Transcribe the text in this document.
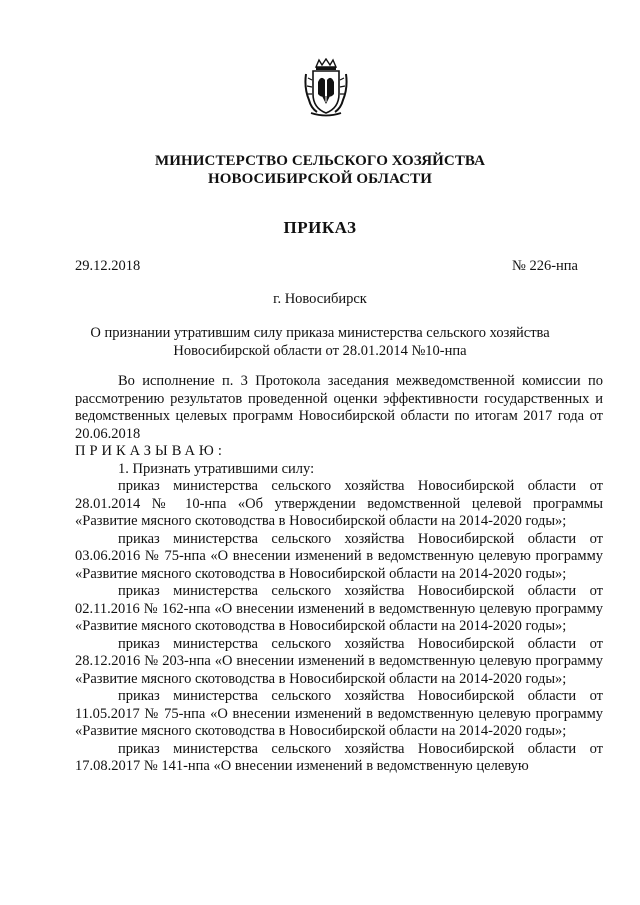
МИНИСТЕРСТВО СЕЛЬСКОГО ХОЗЯЙСТВА
НОВОСИБИРСКОЙ ОБЛАСТИ
ПРИКАЗ
29.12.2018	№ 226-нпа
г. Новосибирск
О признании утратившим силу приказа министерства сельского хозяйства
Новосибирской области от 28.01.2014 №10-нпа

Во исполнение п. 3 Протокола заседания межведомственной комиссии по рассмотрению результатов проведенной оценки эффективности государственных и ведомственных целевых программ Новосибирской области по итогам 2017 года от 20.06.2018

ПРИКАЗЫВАЮ:

1. Признать утратившими силу:

приказ министерства сельского хозяйства Новосибирской области от 28.01.2014 № 10-нпа «Об утверждении ведомственной целевой программы «Развитие мясного скотоводства в Новосибирской области на 2014-2020 годы»;

приказ министерства сельского хозяйства Новосибирской области от 03.06.2016 № 75-нпа «О внесении изменений в ведомственную целевую программу «Развитие мясного скотоводства в Новосибирской области на 2014-2020 годы»;

приказ министерства сельского хозяйства Новосибирской области от 02.11.2016 № 162-нпа «О внесении изменений в ведомственную целевую программу «Развитие мясного скотоводства в Новосибирской области на 2014-2020 годы»;

приказ министерства сельского хозяйства Новосибирской области от 28.12.2016 № 203-нпа «О внесении изменений в ведомственную целевую программу «Развитие мясного скотоводства в Новосибирской области на 2014-2020 годы»;

приказ министерства сельского хозяйства Новосибирской области от 11.05.2017 № 75-нпа «О внесении изменений в ведомственную целевую программу «Развитие мясного скотоводства в Новосибирской области на 2014-2020 годы»;

приказ министерства сельского хозяйства Новосибирской области от 17.08.2017 № 141-нпа «О внесении изменений в ведомственную целевую
